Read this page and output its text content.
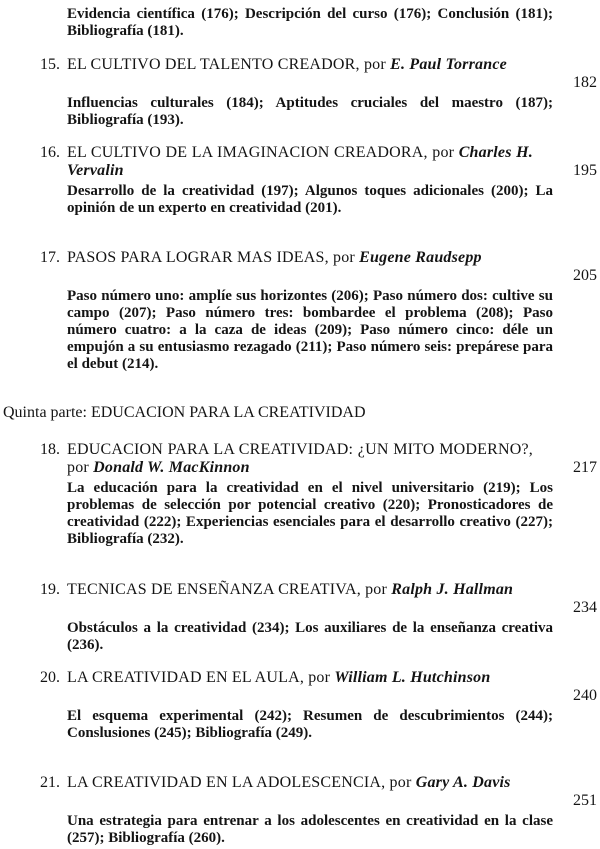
Evidencia científica (176); Descripción del curso (176); Conclusión (181); Bibliografía (181).
15. EL CULTIVO DEL TALENTO CREADOR, por E. Paul Torrance
182
Influencias culturales (184); Aptitudes cruciales del maestro (187); Bibliografía (193).
16. EL CULTIVO DE LA IMAGINACION CREADORA, por Charles H. Vervalin	195
Desarrollo de la creatividad (197); Algunos toques adicionales (200); La opinión de un experto en creatividad (201).
17. PASOS PARA LOGRAR MAS IDEAS, por Eugene Raudsepp
205
Paso número uno: amplíe sus horizontes (206); Paso número dos: cultive su campo (207); Paso número tres: bombardee el problema (208); Paso número cuatro: a la caza de ideas (209); Paso número cinco: déle un empujón a su entusiasmo rezagado (211); Paso número seis: prepárese para el debut (214).
Quinta parte: EDUCACION PARA LA CREATIVIDAD
18. EDUCACION PARA LA CREATIVIDAD: ¿UN MITO MODERNO?, por Donald W. MacKinnon	217
La educación para la creatividad en el nivel universitario (219); Los problemas de selección por potencial creativo (220); Pronosticadores de creatividad (222); Experiencias esenciales para el desarrollo creativo (227); Bibliografía (232).
19. TECNICAS DE ENSEÑANZA CREATIVA, por Ralph J. Hallman
234
Obstáculos a la creatividad (234); Los auxiliares de la enseñanza creativa (236).
20. LA CREATIVIDAD EN EL AULA, por William L. Hutchinson
240
El esquema experimental (242); Resumen de descubrimientos (244); Conslusiones (245); Bibliografía (249).
21. LA CREATIVIDAD EN LA ADOLESCENCIA, por Gary A. Davis
251
Una estrategia para entrenar a los adolescentes en creatividad en la clase (257); Bibliografía (260).
